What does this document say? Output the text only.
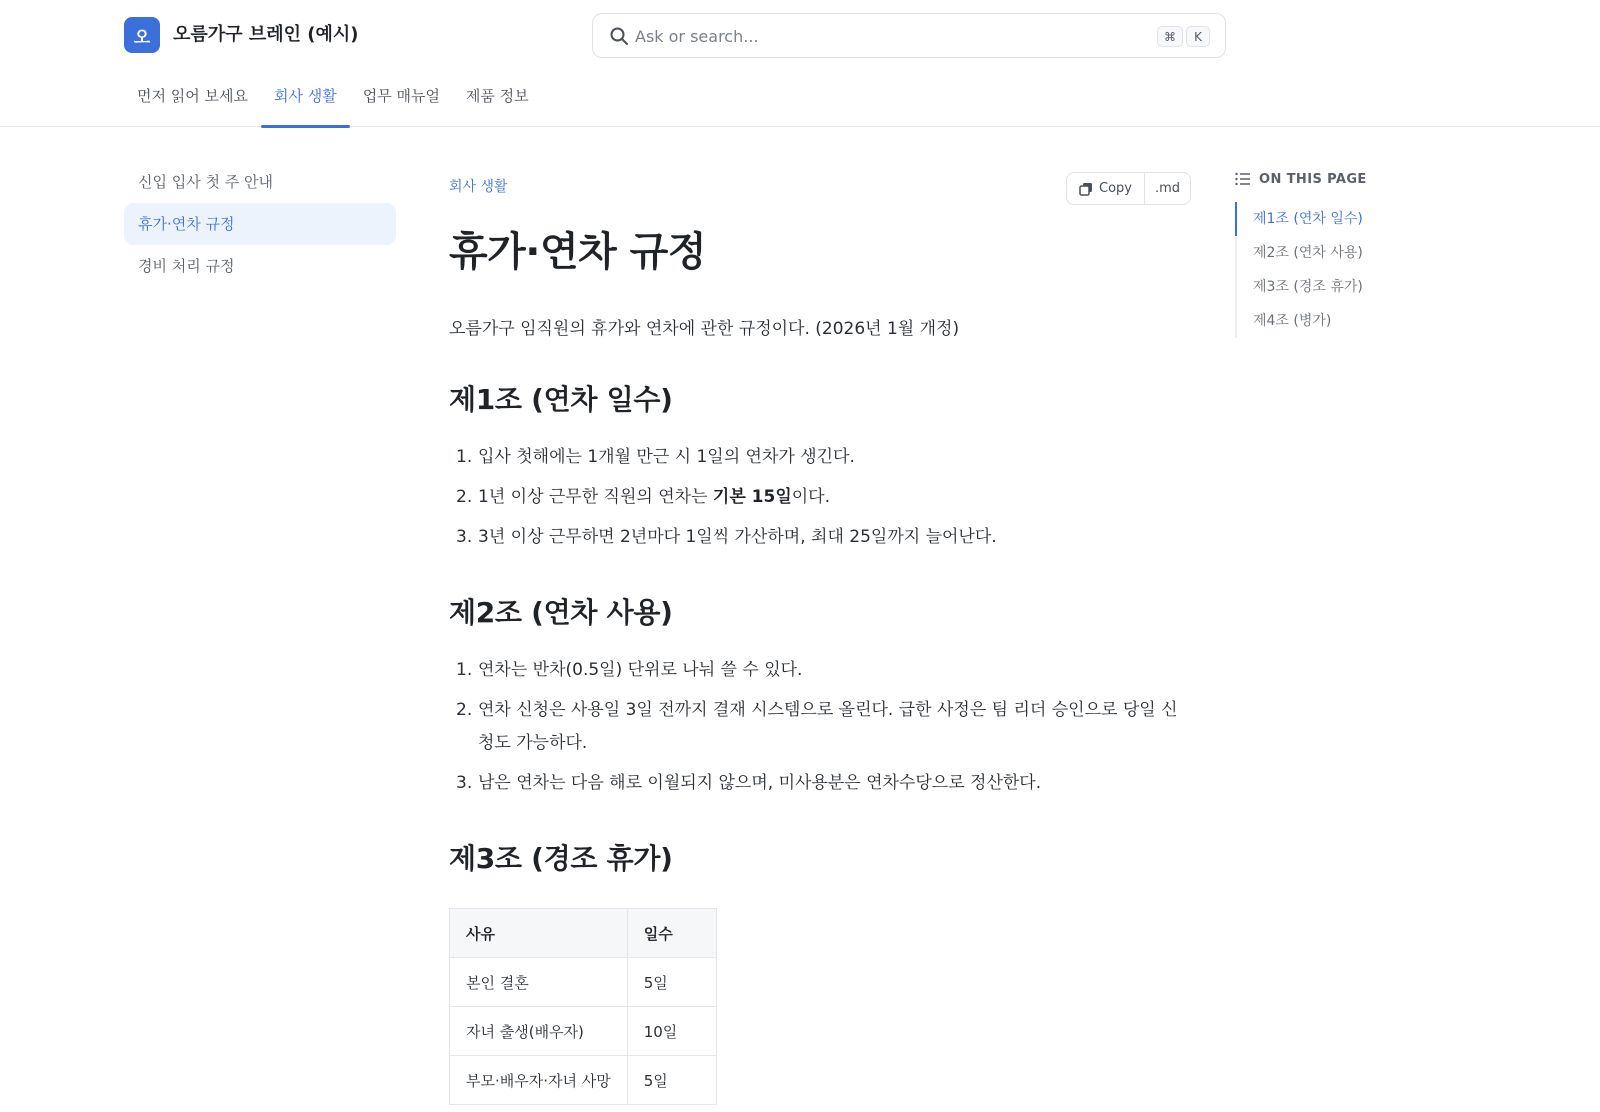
오	오름가구 브레인 (예시)
Ask or search...	⌘	K
먼저 읽어 보세요	회사 생활	업무 매뉴얼	제품 정보
신입 입사 첫 주 안내
휴가·연차 규정
경비 처리 규정
회사 생활	Copy	.md
휴가·연차 규정
오름가구 임직원의 휴가와 연차에 관한 규정이다. (2026년 1월 개정)
제1조 (연차 일수)
1. 입사 첫해에는 1개월 만근 시 1일의 연차가 생긴다.
2. 1년 이상 근무한 직원의 연차는 기본 15일이다.
3. 3년 이상 근무하면 2년마다 1일씩 가산하며, 최대 25일까지 늘어난다.
제2조 (연차 사용)
1. 연차는 반차(0.5일) 단위로 나눠 쓸 수 있다.
2. 연차 신청은 사용일 3일 전까지 결재 시스템으로 올린다. 급한 사정은 팀 리더 승인으로 당일 신청도 가능하다.
3. 남은 연차는 다음 해로 이월되지 않으며, 미사용분은 연차수당으로 정산한다.
제3조 (경조 휴가)
사유	일수
본인 결혼	5일
자녀 출생(배우자)	10일
부모·배우자·자녀 사망	5일
ON THIS PAGE
제1조 (연차 일수)
제2조 (연차 사용)
제3조 (경조 휴가)
제4조 (병가)
